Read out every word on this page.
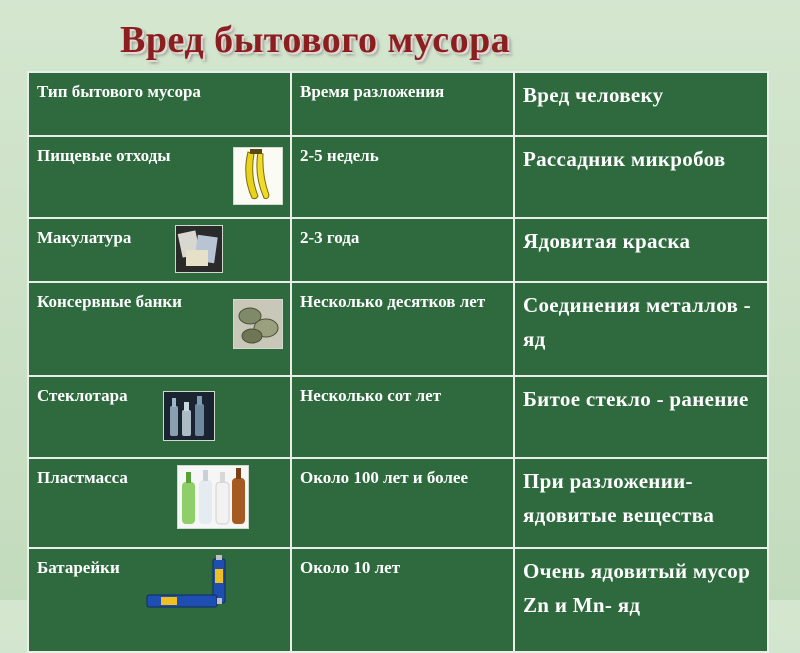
Вред бытового мусора
Тип бытового мусора	Время разложения	Вред человеку

Пищевые отходы	2-5 недель	Рассадник микробов

Макулатура	2-3 года	Ядовитая краска

Консервные банки	Несколько десятков лет	Соединения металлов - яд

Стеклотара	Несколько сот лет	Битое стекло - ранение

Пластмасса	Около 100 лет и более	При разложении- ядовитые вещества

Батарейки	Около 10 лет	Очень ядовитый мусор Zn и Mn- яд
